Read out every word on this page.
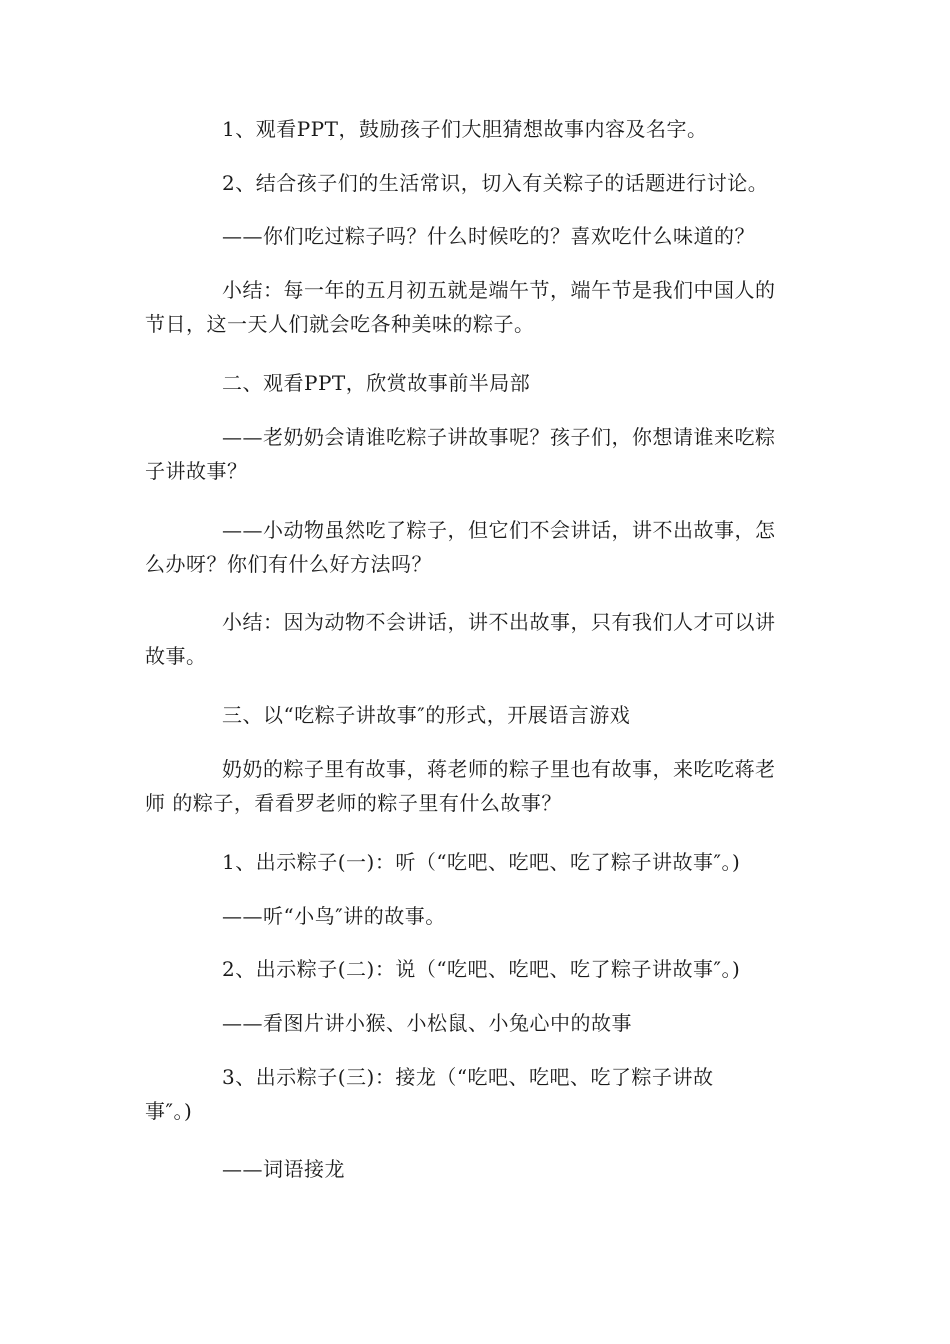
1、观看PPT，鼓励孩子们大胆猜想故事内容及名字。
2、结合孩子们的生活常识，切入有关粽子的话题进行讨论。
——你们吃过粽子吗？什么时候吃的？喜欢吃什么味道的？
小结：每一年的五月初五就是端午节，端午节是我们中国人的
节日，这一天人们就会吃各种美味的粽子。
二、观看PPT，欣赏故事前半局部
——老奶奶会请谁吃粽子讲故事呢？孩子们，你想请谁来吃粽
子讲故事？
——小动物虽然吃了粽子，但它们不会讲话，讲不出故事，怎
么办呀？你们有什么好方法吗？
小结：因为动物不会讲话，讲不出故事，只有我们人才可以讲
故事。
三、以“吃粽子讲故事″的形式，开展语言游戏
奶奶的粽子里有故事，蒋老师的粽子里也有故事，来吃吃蒋老
师 的粽子，看看罗老师的粽子里有什么故事？
1、出示粽子(一)：听（“吃吧、吃吧、吃了粽子讲故事″。)
——听“小鸟″讲的故事。
2、出示粽子(二)：说（“吃吧、吃吧、吃了粽子讲故事″。)
——看图片讲小猴、小松鼠、小兔心中的故事
3、出示粽子(三)：接龙（“吃吧、吃吧、吃了粽子讲故
事″。)
——词语接龙
